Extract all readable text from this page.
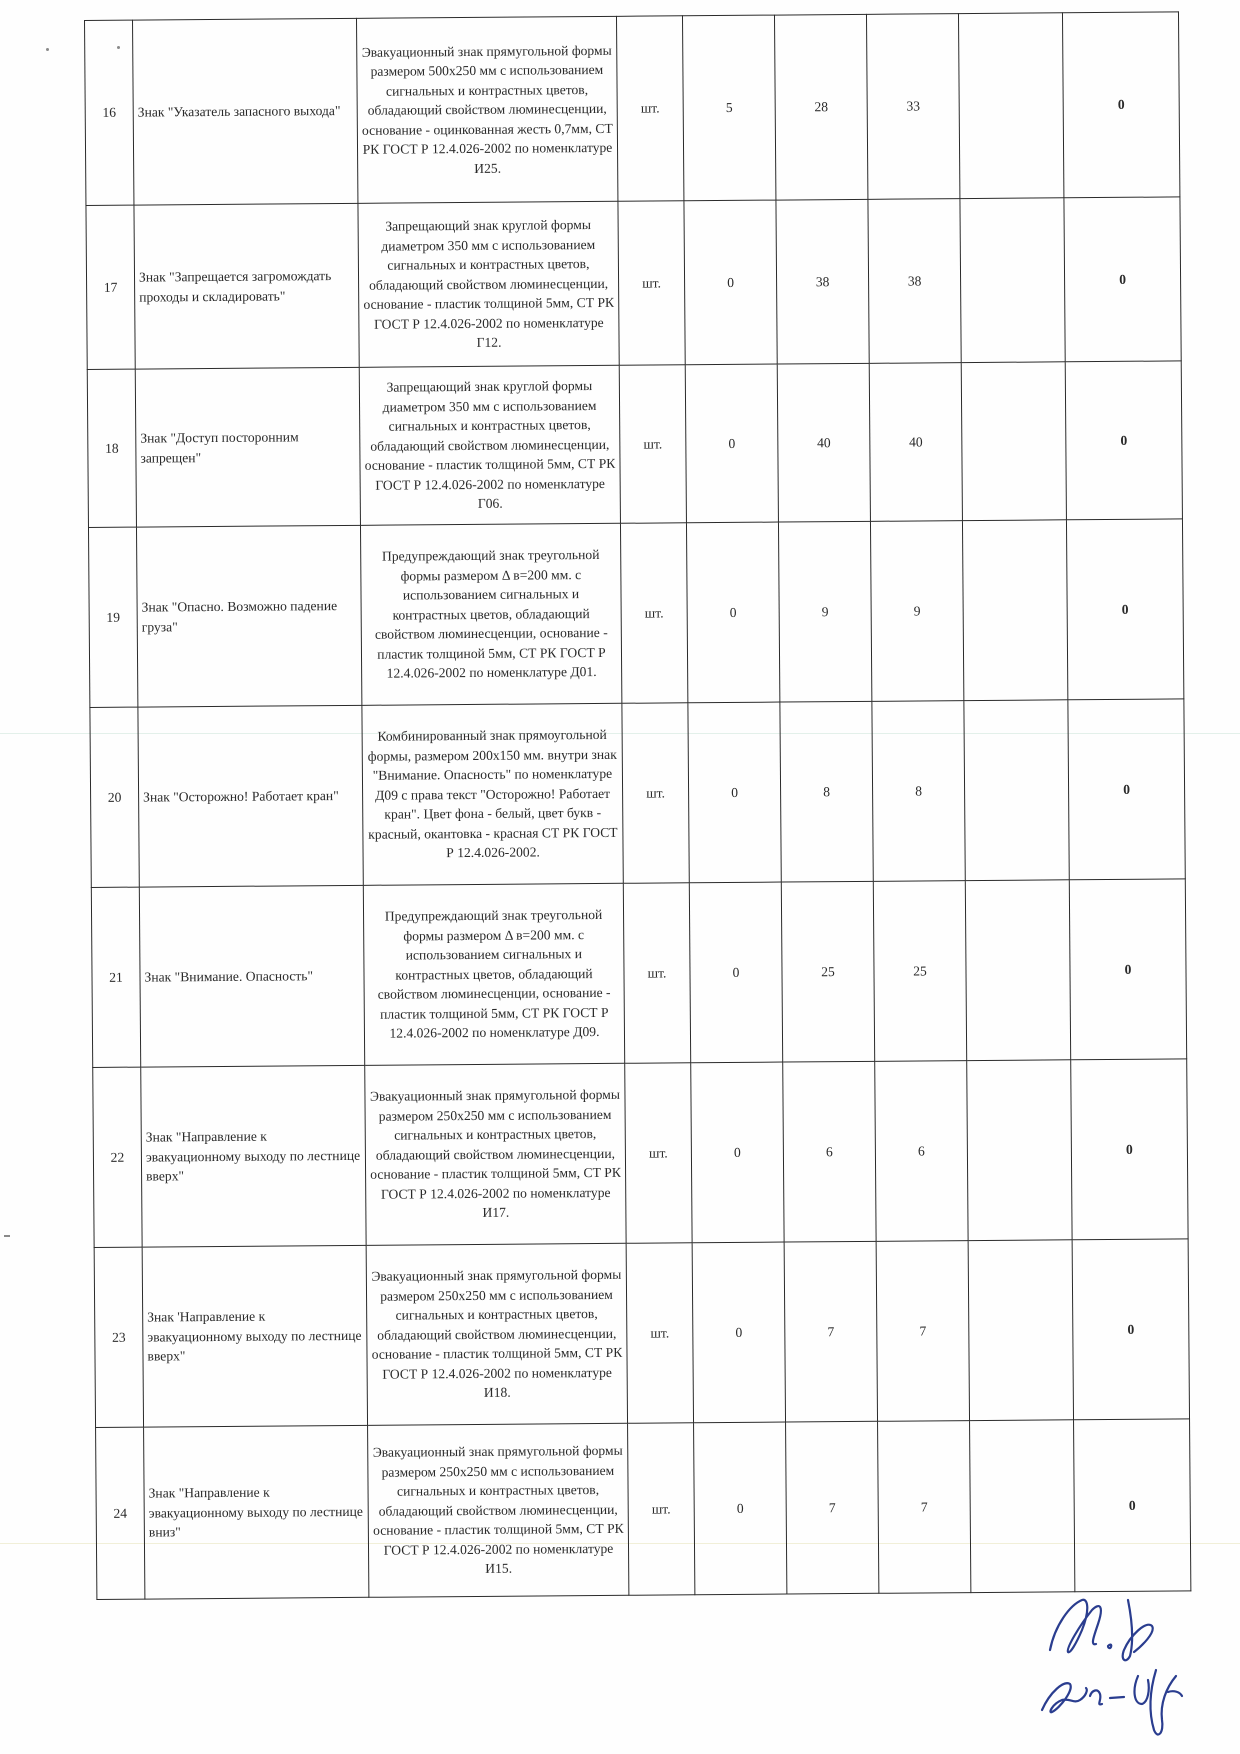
16	Знак "Указатель запасного выхода"	Эвакуационный знак прямугольной формы размером 500х250 мм с использованием сигнальных и контрастных цветов, обладающий свойством люминесценции, основание - оцинкованная жесть 0,7мм, СТ РК ГОСТ Р 12.4.026-2002 по номенклатуре И25.	шт.	5	28	33		0
17	Знак "Запрещается загромождать проходы и складировать"	Запрещающий знак круглой формы диаметром 350 мм с использованием сигнальных и контрастных цветов, обладающий свойством люминесценции, основание - пластик толщиной 5мм, СТ РК ГОСТ Р 12.4.026-2002 по номенклатуре Г12.	шт.	0	38	38		0
18	Знак "Доступ посторонним запрещен"	Запрещающий знак круглой формы диаметром 350 мм с использованием сигнальных и контрастных цветов, обладающий свойством люминесценции, основание - пластик толщиной 5мм, СТ РК ГОСТ Р 12.4.026-2002 по номенклатуре Г06.	шт.	0	40	40		0
19	Знак "Опасно. Возможно падение груза"	Предупреждающий знак треугольной формы размером Δ в=200 мм. с использованием сигнальных и контрастных цветов, обладающий свойством люминесценции, основание - пластик толщиной 5мм, СТ РК ГОСТ Р 12.4.026-2002 по номенклатуре Д01.	шт.	0	9	9		0
20	Знак "Осторожно! Работает кран"	Комбинированный знак прямоугольной формы, размером 200х150 мм. внутри знак "Внимание. Опасность" по номенклатуре Д09 с права текст "Осторожно! Работает кран". Цвет фона - белый, цвет букв - красный, окантовка - красная СТ РК ГОСТ Р 12.4.026-2002.	шт.	0	8	8		0
21	Знак "Внимание. Опасность"	Предупреждающий знак треугольной формы размером Δ в=200 мм. с использованием сигнальных и контрастных цветов, обладающий свойством люминесценции, основание - пластик толщиной 5мм, СТ РК ГОСТ Р 12.4.026-2002 по номенклатуре Д09.	шт.	0	25	25		0
22	Знак "Направление к эвакуационному выходу по лестнице вверх"	Эвакуационный знак прямугольной формы размером 250х250 мм с использованием сигнальных и контрастных цветов, обладающий свойством люминесценции, основание - пластик толщиной 5мм, СТ РК ГОСТ Р 12.4.026-2002 по номенклатуре И17.	шт.	0	6	6		0
23	Знак 'Направление к эвакуационному выходу по лестнице вверх"	Эвакуационный знак прямугольной формы размером 250х250 мм с использованием сигнальных и контрастных цветов, обладающий свойством люминесценции, основание - пластик толщиной 5мм, СТ РК ГОСТ Р 12.4.026-2002 по номенклатуре И18.	шт.	0	7	7		0
24	Знак "Направление к эвакуационному выходу по лестнице вниз"	Эвакуационный знак прямугольной формы размером 250х250 мм с использованием сигнальных и контрастных цветов, обладающий свойством люминесценции, основание - пластик толщиной 5мм, СТ РК ГОСТ Р 12.4.026-2002 по номенклатуре И15.	шт.	0	7	7		0
